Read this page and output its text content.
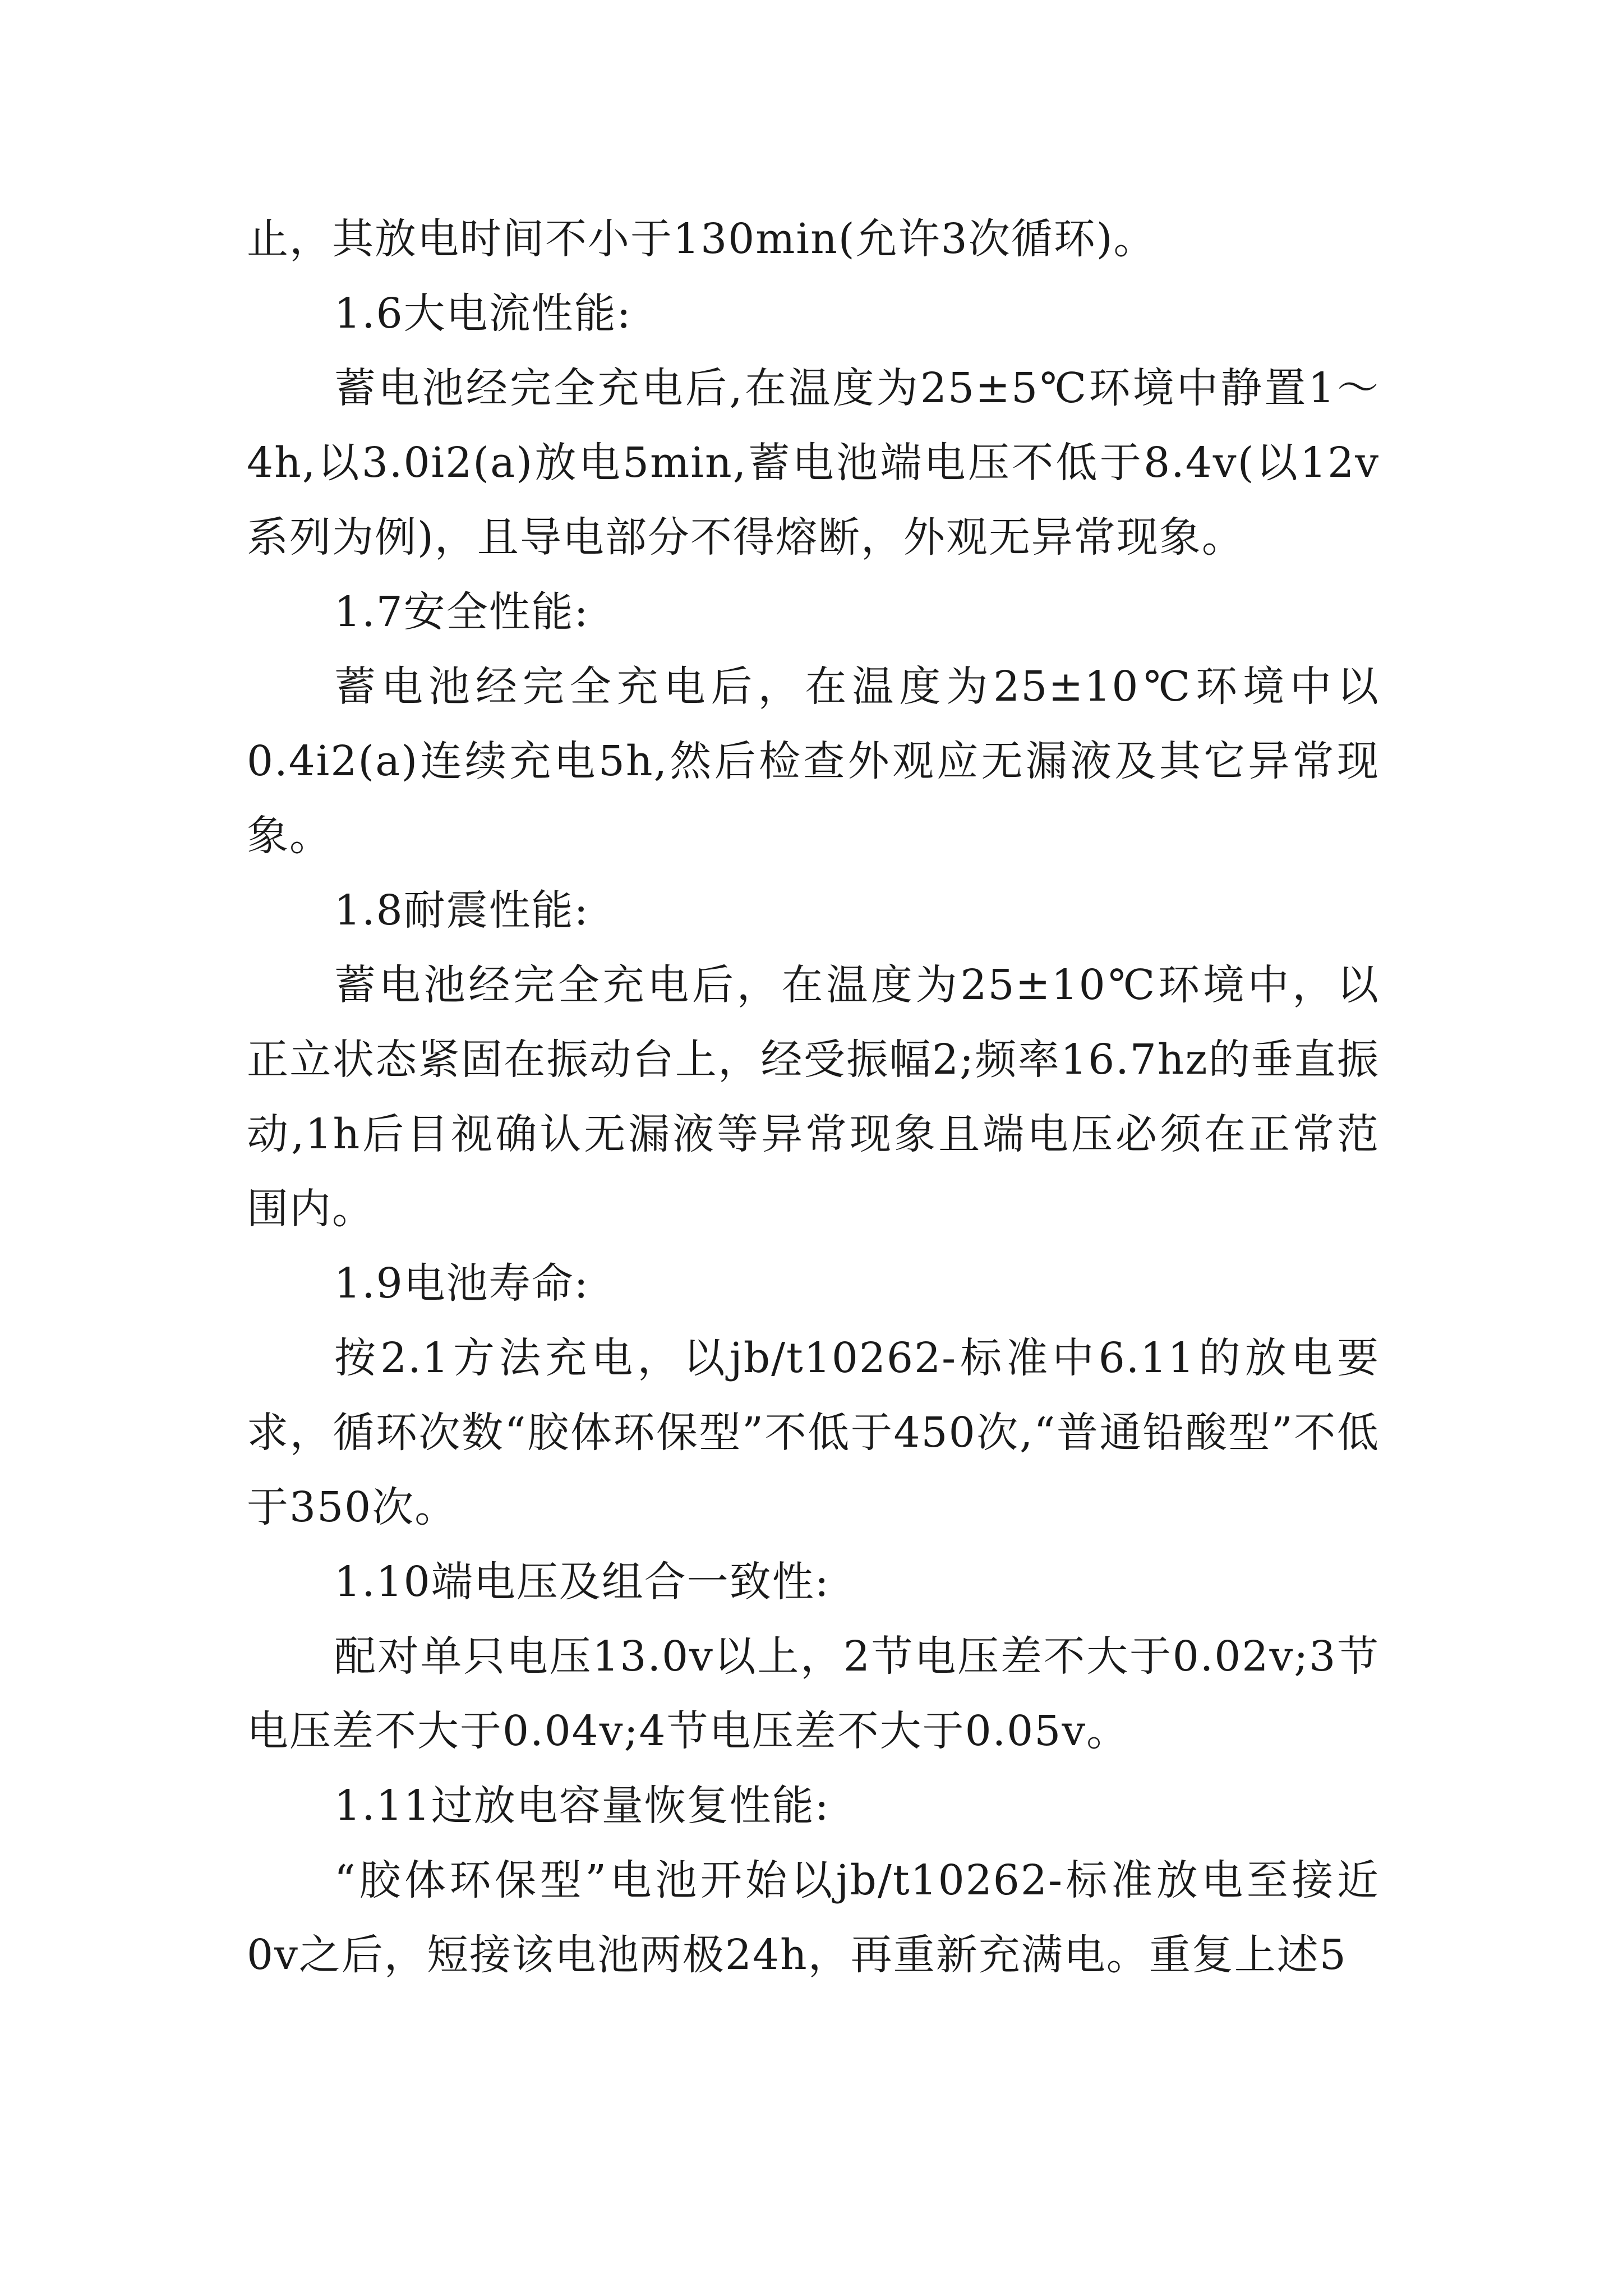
止，其放电时间不小于130min(允许3次循环)。

1.6大电流性能:

蓄电池经完全充电后,在温度为25±5℃环境中静置1～4h,以3.0i2(a)放电5min,蓄电池端电压不低于8.4v(以12v系列为例)，且导电部分不得熔断，外观无异常现象。

1.7安全性能:

蓄电池经完全充电后，在温度为25±10℃环境中以0.4i2(a)连续充电5h,然后检查外观应无漏液及其它异常现象。

1.8耐震性能:

蓄电池经完全充电后，在温度为25±10℃环境中，以正立状态紧固在振动台上，经受振幅2;频率16.7hz的垂直振动,1h后目视确认无漏液等异常现象且端电压必须在正常范围内。

1.9电池寿命:

按2.1方法充电，以jb/t10262-标准中6.11的放电要求，循环次数“胶体环保型”不低于450次,“普通铅酸型”不低于350次。

1.10端电压及组合一致性:

配对单只电压13.0v以上，2节电压差不大于0.02v;3节电压差不大于0.04v;4节电压差不大于0.05v。

1.11过放电容量恢复性能:

“胶体环保型”电池开始以jb/t10262-标准放电至接近0v之后，短接该电池两极24h，再重新充满电。重复上述5
